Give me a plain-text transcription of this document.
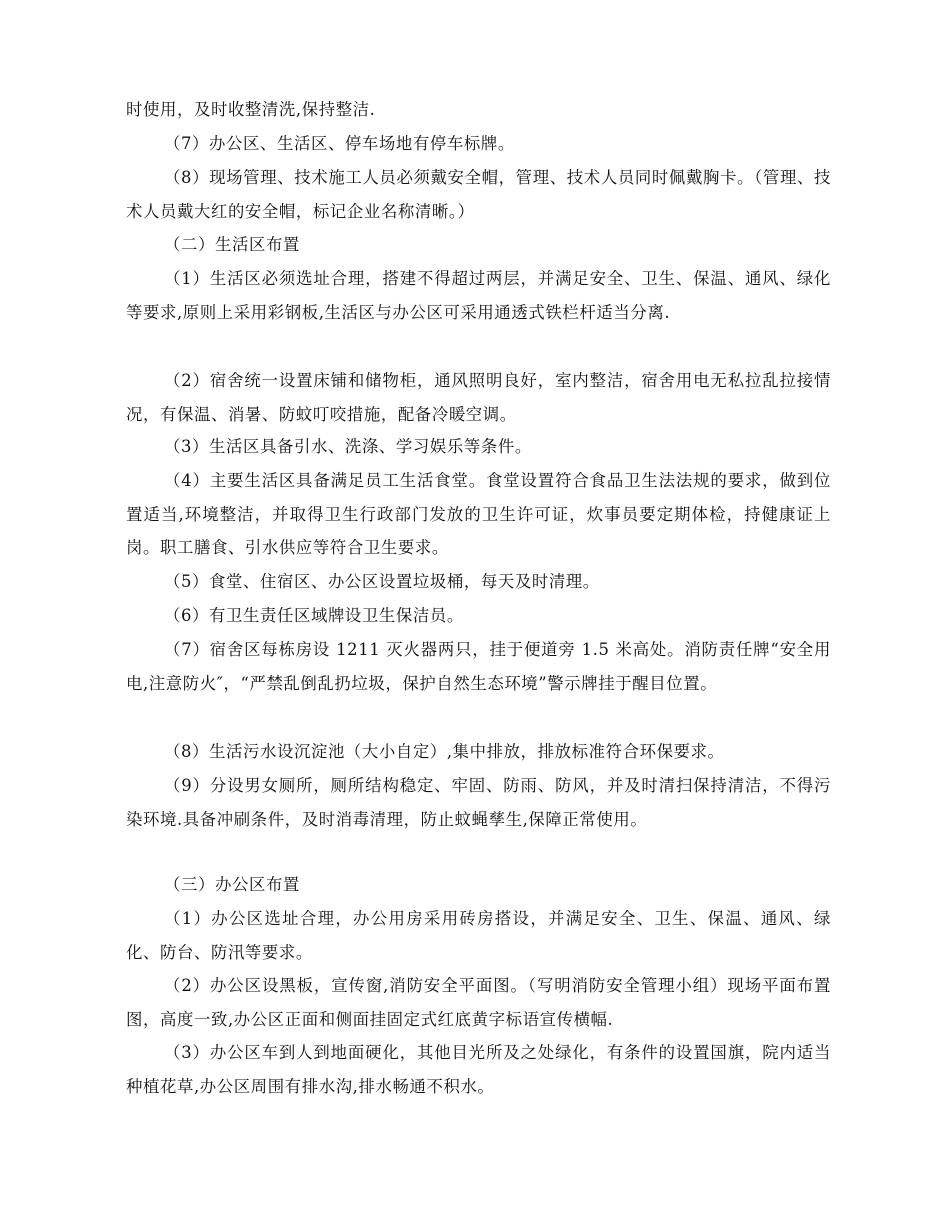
时使用，及时收整清洗,保持整洁.

（7）办公区、生活区、停车场地有停车标牌。

（8）现场管理、技术施工人员必须戴安全帽，管理、技术人员同时佩戴胸卡。（管理、技术人员戴大红的安全帽，标记企业名称清晰。）

（二）生活区布置

（1）生活区必须选址合理，搭建不得超过两层，并满足安全、卫生、保温、通风、绿化等要求,原则上采用彩钢板,生活区与办公区可采用通透式铁栏杆适当分离.

（2）宿舍统一设置床铺和储物柜，通风照明良好，室内整洁，宿舍用电无私拉乱拉接情况，有保温、消暑、防蚊叮咬措施，配备冷暖空调。

（3）生活区具备引水、洗涤、学习娱乐等条件。

（4）主要生活区具备满足员工生活食堂。食堂设置符合食品卫生法法规的要求，做到位置适当,环境整洁，并取得卫生行政部门发放的卫生许可证，炊事员要定期体检，持健康证上岗。职工膳食、引水供应等符合卫生要求。

（5）食堂、住宿区、办公区设置垃圾桶，每天及时清理。

（6）有卫生责任区域牌设卫生保洁员。

（7）宿舍区每栋房设 1211 灭火器两只，挂于便道旁 1.5 米高处。消防责任牌“安全用电,注意防火″，“严禁乱倒乱扔垃圾，保护自然生态环境”警示牌挂于醒目位置。

（8）生活污水设沉淀池（大小自定）,集中排放，排放标准符合环保要求。

（9）分设男女厕所，厕所结构稳定、牢固、防雨、防风，并及时清扫保持清洁，不得污染环境.具备冲刷条件，及时消毒清理，防止蚊蝇孳生,保障正常使用。

（三）办公区布置

（1）办公区选址合理，办公用房采用砖房搭设，并满足安全、卫生、保温、通风、绿化、防台、防汛等要求。

（2）办公区设黑板，宣传窗,消防安全平面图。（写明消防安全管理小组）现场平面布置图，高度一致,办公区正面和侧面挂固定式红底黄字标语宣传横幅.

（3）办公区车到人到地面硬化，其他目光所及之处绿化，有条件的设置国旗，院内适当种植花草,办公区周围有排水沟,排水畅通不积水。
